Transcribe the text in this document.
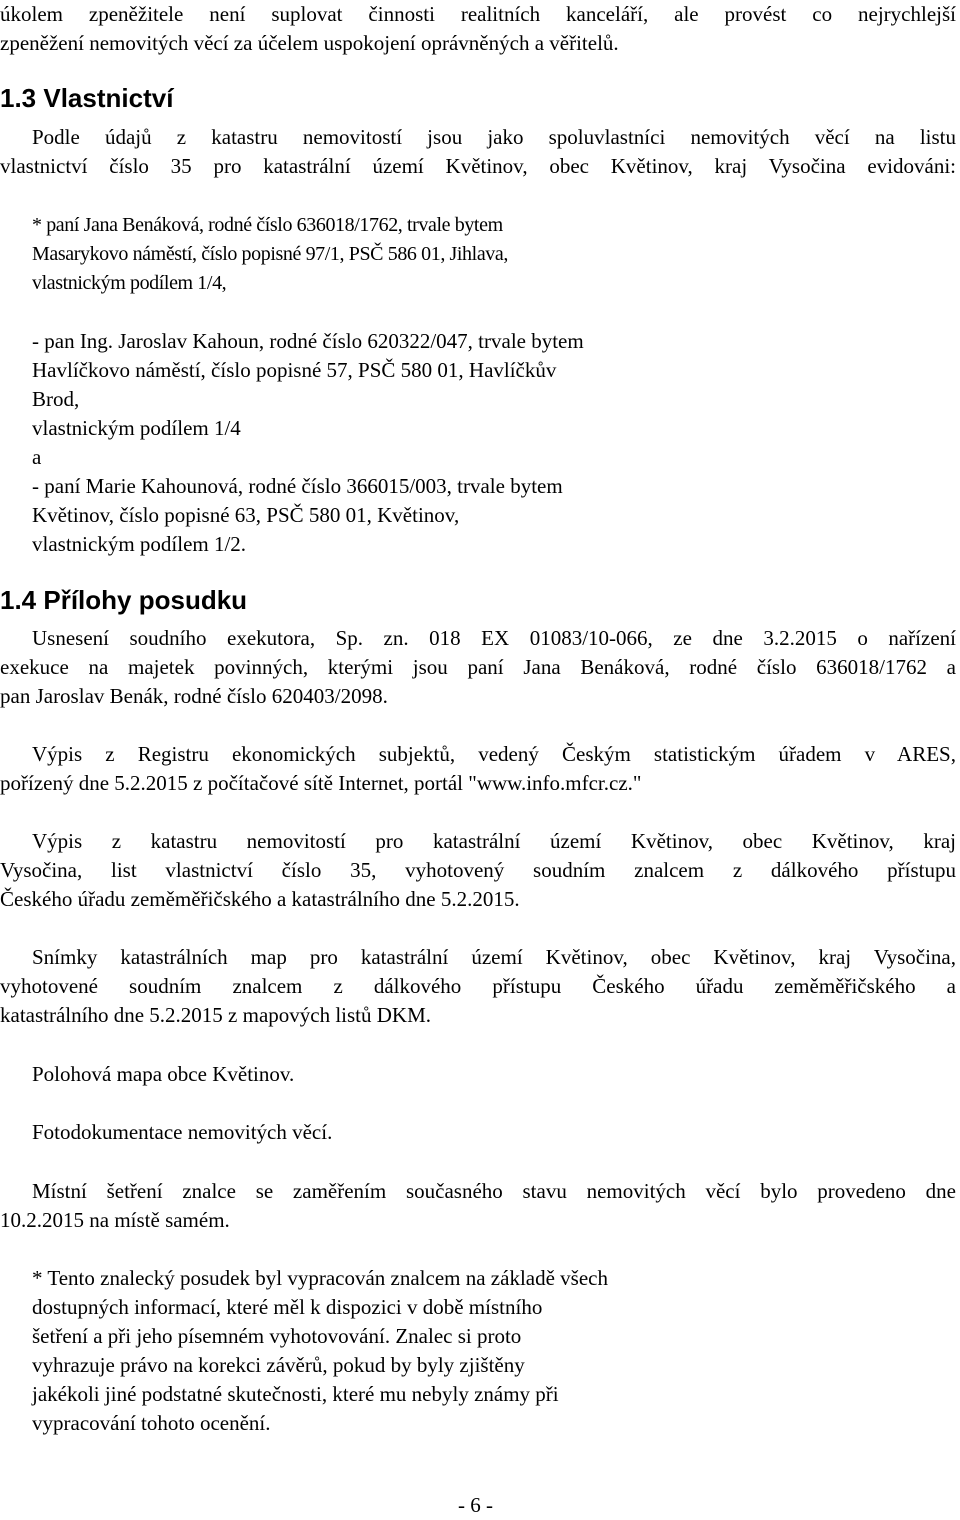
úkolem zpeněžitele není suplovat činnosti realitních kanceláří, ale provést co nejrychlejší
zpeněžení nemovitých věcí za účelem uspokojení oprávněných a věřitelů.
1.3 Vlastnictví
Podle údajů z katastru nemovitostí jsou jako spoluvlastníci nemovitých věcí na listu
vlastnictví číslo 35 pro katastrální území Květinov, obec Květinov, kraj Vysočina evidováni:
* paní Jana Benáková, rodné číslo 636018/1762, trvale bytem
Masarykovo náměstí, číslo popisné 97/1, PSČ 586 01, Jihlava,
vlastnickým podílem 1/4,
- pan Ing. Jaroslav Kahoun, rodné číslo 620322/047, trvale bytem
Havlíčkovo náměstí, číslo popisné 57, PSČ 580 01, Havlíčkův
Brod,
vlastnickým podílem 1/4
a
- paní Marie Kahounová, rodné číslo 366015/003, trvale bytem
Květinov, číslo popisné 63, PSČ 580 01, Květinov,
vlastnickým podílem 1/2.
1.4 Přílohy posudku
Usnesení soudního exekutora, Sp. zn. 018 EX 01083/10-066, ze dne 3.2.2015 o nařízení
exekuce na majetek povinných, kterými jsou paní Jana Benáková, rodné číslo 636018/1762 a
pan Jaroslav Benák, rodné číslo 620403/2098.
Výpis z Registru ekonomických subjektů, vedený Českým statistickým úřadem v ARES,
pořízený dne 5.2.2015 z počítačové sítě Internet, portál "www.info.mfcr.cz."
Výpis z katastru nemovitostí pro katastrální území Květinov, obec Květinov, kraj
Vysočina, list vlastnictví číslo 35, vyhotovený soudním znalcem z dálkového přístupu
Českého úřadu zeměměřičského a katastrálního dne 5.2.2015.
Snímky katastrálních map pro katastrální území Květinov, obec Květinov, kraj Vysočina,
vyhotovené soudním znalcem z dálkového přístupu Českého úřadu zeměměřičského a
katastrálního dne 5.2.2015 z mapových listů DKM.
Polohová mapa obce Květinov.
Fotodokumentace nemovitých věcí.
Místní šetření znalce se zaměřením současného stavu nemovitých věcí bylo provedeno dne
10.2.2015 na místě samém.
* Tento znalecký posudek byl vypracován znalcem na základě všech
dostupných informací, které měl k dispozici v době místního
šetření a při jeho písemném vyhotovování. Znalec si proto
vyhrazuje právo na korekci závěrů, pokud by byly zjištěny
jakékoli jiné podstatné skutečnosti, které mu nebyly známy při
vypracování tohoto ocenění.
- 6 -
